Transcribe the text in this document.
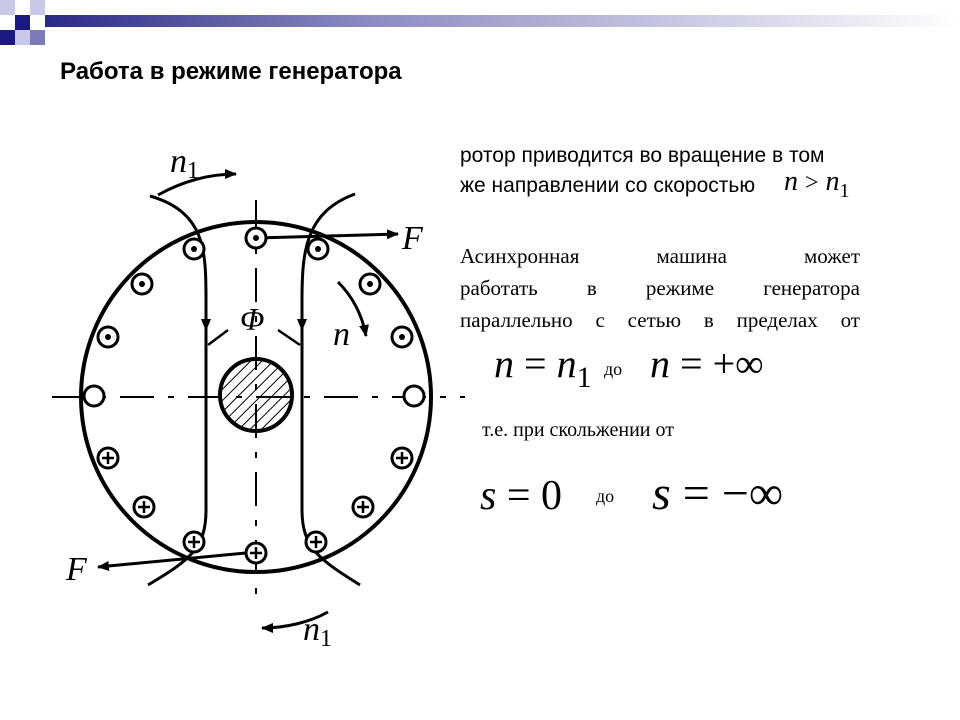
Работа в режиме генератора
n1
F
Φ n
F
n1
ротор приводится во вращение в том
же направлении со скоростью $n > n_1$
Асинхронная машина может
работать в режиме генератора
параллельно с сетью в пределах от
$n = n_1$ до n = +∞
т.е. при скольжении от
s = 0 до s = −∞
